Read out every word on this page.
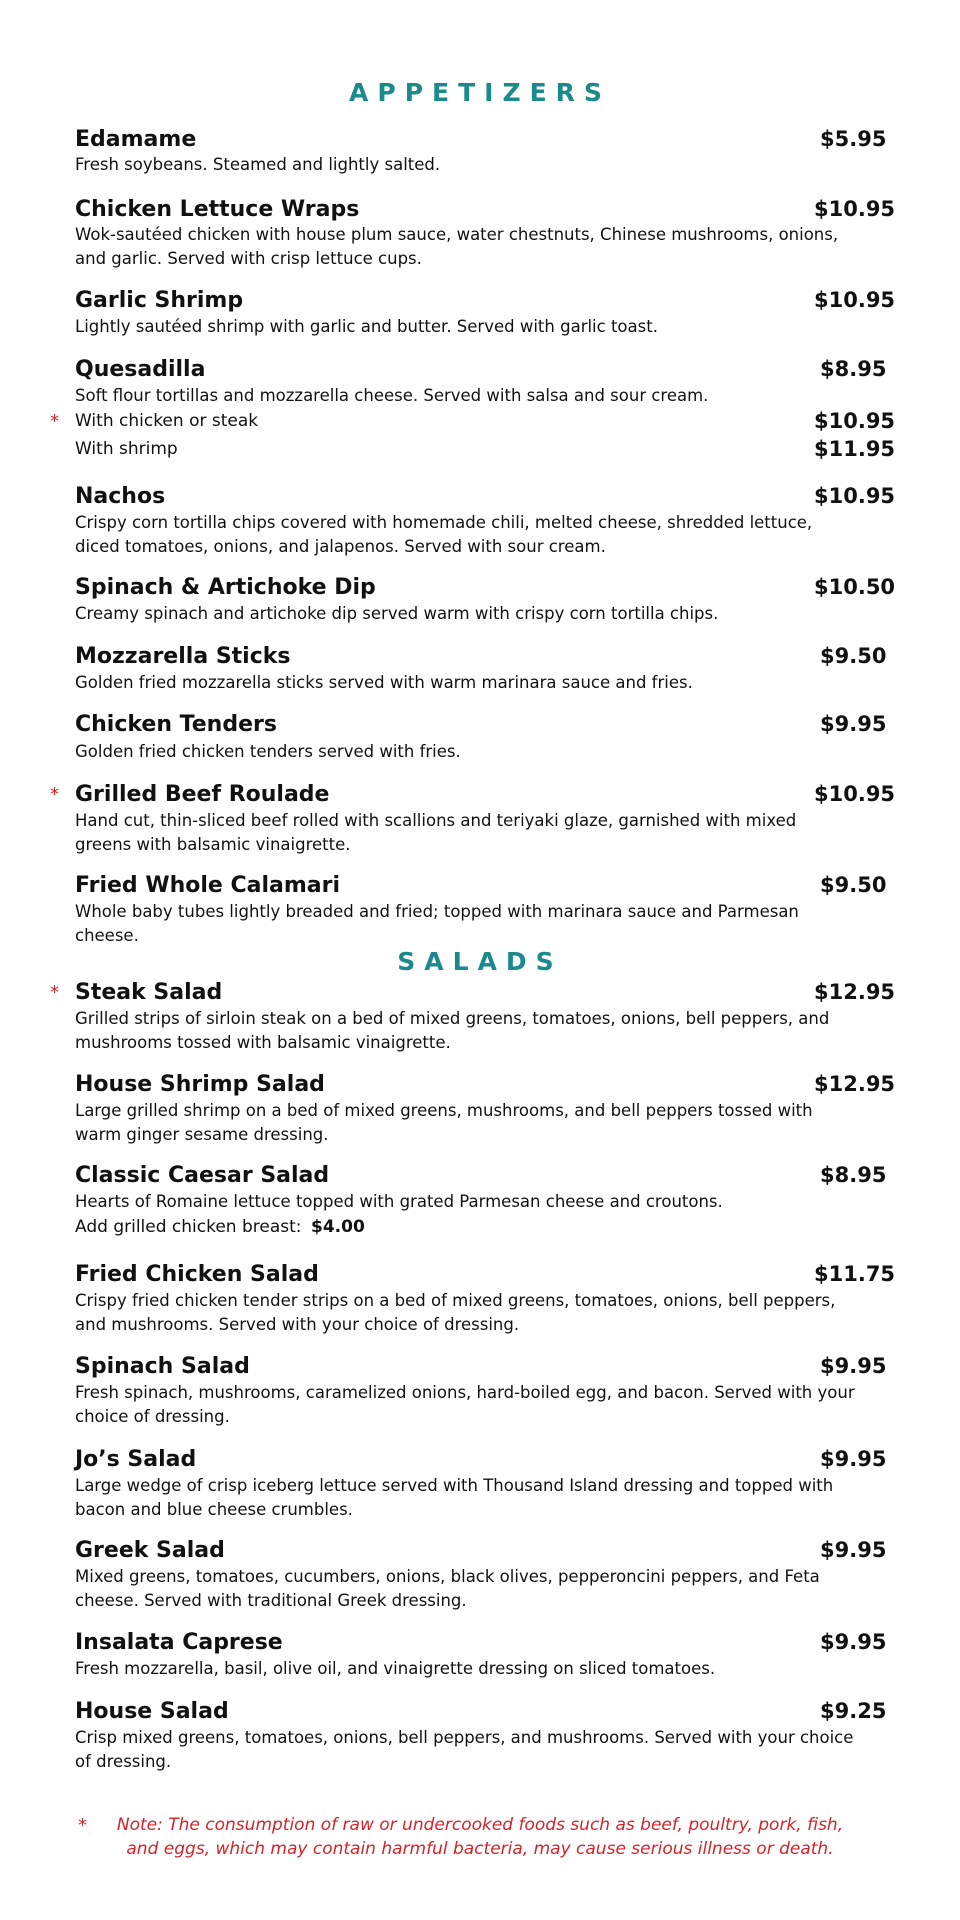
APPETIZERS
Edamame	$5.95
Fresh soybeans. Steamed and lightly salted.
Chicken Lettuce Wraps	$10.95
Wok-sautéed chicken with house plum sauce, water chestnuts, Chinese mushrooms, onions, and garlic. Served with crisp lettuce cups.
Garlic Shrimp	$10.95
Lightly sautéed shrimp with garlic and butter. Served with garlic toast.
Quesadilla	$8.95
Soft flour tortillas and mozzarella cheese. Served with salsa and sour cream.
* With chicken or steak	$10.95
With shrimp	$11.95
Nachos	$10.95
Crispy corn tortilla chips covered with homemade chili, melted cheese, shredded lettuce, diced tomatoes, onions, and jalapenos. Served with sour cream.
Spinach & Artichoke Dip	$10.50
Creamy spinach and artichoke dip served warm with crispy corn tortilla chips.
Mozzarella Sticks	$9.50
Golden fried mozzarella sticks served with warm marinara sauce and fries.
Chicken Tenders	$9.95
Golden fried chicken tenders served with fries.
* Grilled Beef Roulade	$10.95
Hand cut, thin-sliced beef rolled with scallions and teriyaki glaze, garnished with mixed greens with balsamic vinaigrette.
Fried Whole Calamari	$9.50
Whole baby tubes lightly breaded and fried; topped with marinara sauce and Parmesan cheese.
SALADS
* Steak Salad	$12.95
Grilled strips of sirloin steak on a bed of mixed greens, tomatoes, onions, bell peppers, and mushrooms tossed with balsamic vinaigrette.
House Shrimp Salad	$12.95
Large grilled shrimp on a bed of mixed greens, mushrooms, and bell peppers tossed with warm ginger sesame dressing.
Classic Caesar Salad	$8.95
Hearts of Romaine lettuce topped with grated Parmesan cheese and croutons.
Add grilled chicken breast: $4.00
Fried Chicken Salad	$11.75
Crispy fried chicken tender strips on a bed of mixed greens, tomatoes, onions, bell peppers, and mushrooms. Served with your choice of dressing.
Spinach Salad	$9.95
Fresh spinach, mushrooms, caramelized onions, hard-boiled egg, and bacon. Served with your choice of dressing.
Jo’s Salad	$9.95
Large wedge of crisp iceberg lettuce served with Thousand Island dressing and topped with bacon and blue cheese crumbles.
Greek Salad	$9.95
Mixed greens, tomatoes, cucumbers, onions, black olives, pepperoncini peppers, and Feta cheese. Served with traditional Greek dressing.
Insalata Caprese	$9.95
Fresh mozzarella, basil, olive oil, and vinaigrette dressing on sliced tomatoes.
House Salad	$9.25
Crisp mixed greens, tomatoes, onions, bell peppers, and mushrooms. Served with your choice of dressing.
*	Note: The consumption of raw or undercooked foods such as beef, poultry, pork, fish,
and eggs, which may contain harmful bacteria, may cause serious illness or death.
